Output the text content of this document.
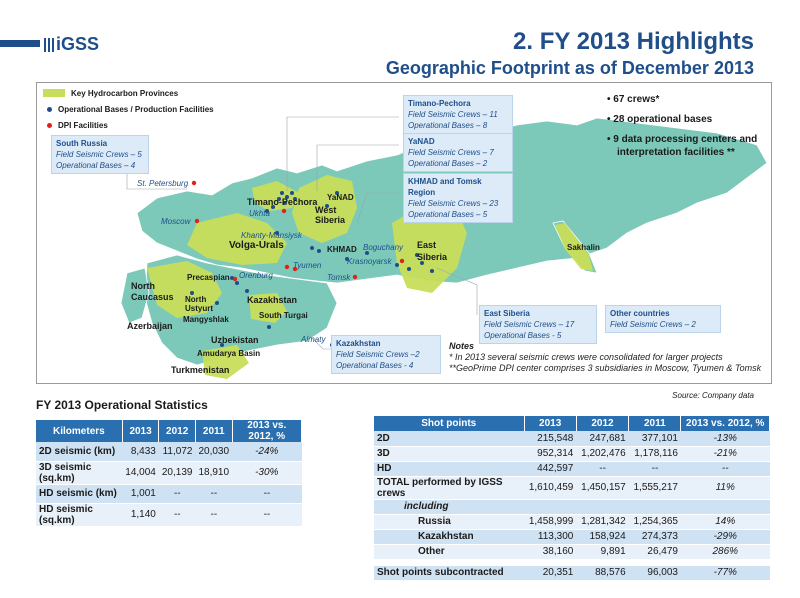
iGSS	2. FY 2013 Highlights
Geographic Footprint as of December 2013
Key Hydrocarbon Provinces
Operational Bases / Production Facilities
DPI Facilities
South Russia
Field Seismic Crews – 5
Operational Bases – 4
Timano-Pechora
Field Seismic Crews – 11
Operational Bases – 8
YaNAD
Field Seismic Crews – 7
Operational Bases – 2
KHMAD and Tomsk Region
Field Seismic Crews – 23
Operational Bases – 5
East Siberia
Field Seismic Crews – 17
Operational Bases - 5
Other countries
Field Seismic Crews – 2
Kazakhstan
Field Seismic Crews –2
Operational Bases - 4
• 67 crews*
• 28 operational bases
• 9 data processing centers and interpretation facilities **
Timano-Pechora YaNAD
West Siberia
Volga-Urals	KHMAD	East Siberia
Sakhalin
North Caucasus
Precaspian
North Ustyurt
Mangyshlak
Kazakhstan
South Turgai
Azerbaijan
Uzbekistan
Amudarya Basin
Turkmenistan
St. Petersburg
Moscow
Ukhta
Khanty-Mansiysk
Tyumen
Orenburg	Tomsk
Krasnoyarsk
Boguchany
Almaty
Notes
* In 2013 several seismic crews were consolidated for larger projects
**GeoPrime DPI center comprises 3 subsidiaries in Moscow, Tyumen & Tomsk
Source: Company data
FY 2013 Operational Statistics
Kilometers	2013	2012	2011	2013 vs. 2012, %
2D seismic (km)	8,433	11,072	20,030	-24%
3D seismic (sq.km)	14,004	20,139	18,910	-30%
HD seismic (km)	1,001	--	--	--
HD seismic (sq.km)	1,140	--	--	--
Shot points	2013	2012	2011	2013 vs. 2012, %
2D	215,548	247,681	377,101	-13%
3D	952,314	1,202,476	1,178,116	-21%
HD	442,597	--	--	--
TOTAL performed by IGSS crews	1,610,459	1,450,157	1,555,217	11%
including				
Russia	1,458,999	1,281,342	1,254,365	14%
Kazakhstan	113,300	158,924	274,373	-29%
Other	38,160	9,891	26,479	286%

Shot points subcontracted	20,351	88,576	96,003	-77%
